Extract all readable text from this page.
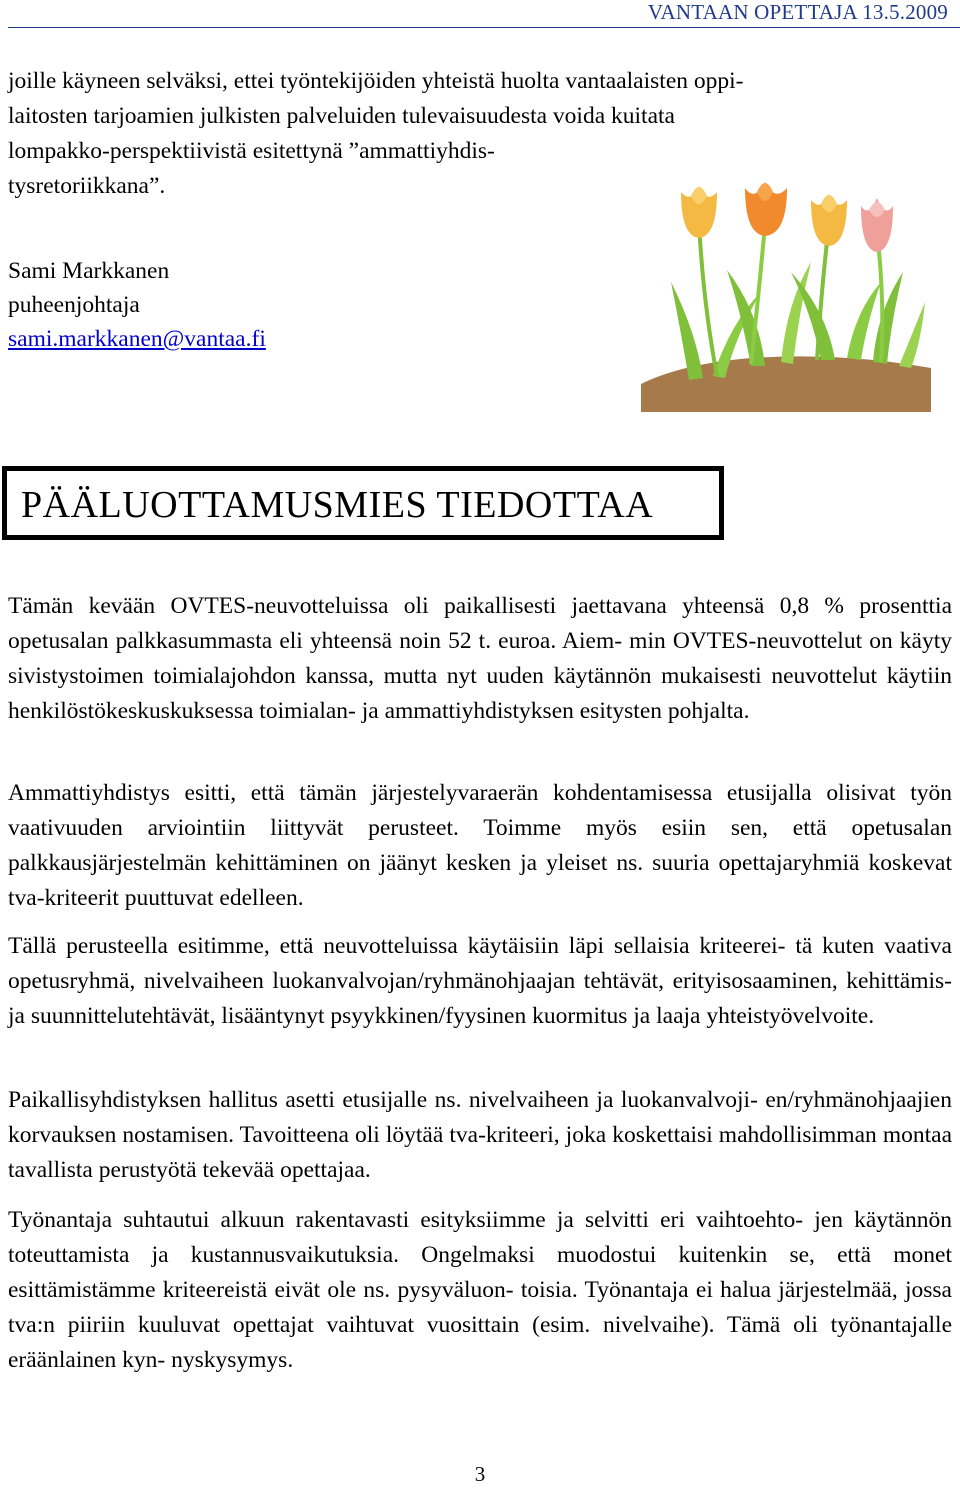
VANTAAN OPETTAJA 13.5.2009
joille käyneen selväksi, ettei työntekijöiden yhteistä huolta vantaalaisten oppi-
laitosten tarjoamien julkisten palveluiden tulevaisuudesta voida kuitata
lompakko-perspektiivistä esitettynä ”ammattiyhdis-
tysretoriikkana”.
Sami Markkanen
puheenjohtaja
sami.markkanen@vantaa.fi
PÄÄLUOTTAMUSMIES TIEDOTTAA
Tämän kevään OVTES-neuvotteluissa oli paikallisesti jaettavana yhteensä 0,8 % prosenttia opetusalan palkkasummasta eli yhteensä noin 52 t. euroa. Aiem- min OVTES-neuvottelut on käyty sivistystoimen toimialajohdon kanssa, mutta nyt uuden käytännön mukaisesti neuvottelut käytiin henkilöstökeskuskuksessa toimialan- ja ammattiyhdistyksen esitysten pohjalta.
Ammattiyhdistys esitti, että tämän järjestelyvaraerän kohdentamisessa etusijalla olisivat työn vaativuuden arviointiin liittyvät perusteet. Toimme myös esiin sen, että opetusalan palkkausjärjestelmän kehittäminen on jäänyt kesken ja yleiset ns. suuria opettajaryhmiä koskevat tva-kriteerit puuttuvat edelleen.
Tällä perusteella esitimme, että neuvotteluissa käytäisiin läpi sellaisia kriteerei- tä kuten vaativa opetusryhmä, nivelvaiheen luokanvalvojan/ryhmänohjaajan tehtävät, erityisosaaminen, kehittämis- ja suunnittelutehtävät, lisääntynyt psyykkinen/fyysinen kuormitus ja laaja yhteistyövelvoite.
Paikallisyhdistyksen hallitus asetti etusijalle ns. nivelvaiheen ja luokanvalvoji- en/ryhmänohjaajien korvauksen nostamisen. Tavoitteena oli löytää tva-kriteeri, joka koskettaisi mahdollisimman montaa tavallista perustyötä tekevää opettajaa.
Työnantaja suhtautui alkuun rakentavasti esityksiimme ja selvitti eri vaihtoehto- jen käytännön toteuttamista ja kustannusvaikutuksia. Ongelmaksi muodostui kuitenkin se, että monet esittämistämme kriteereistä eivät ole ns. pysyväluon- toisia. Työnantaja ei halua järjestelmää, jossa tva:n piiriin kuuluvat opettajat vaihtuvat vuosittain (esim. nivelvaihe). Tämä oli työnantajalle eräänlainen kyn- nyskysymys.
3
